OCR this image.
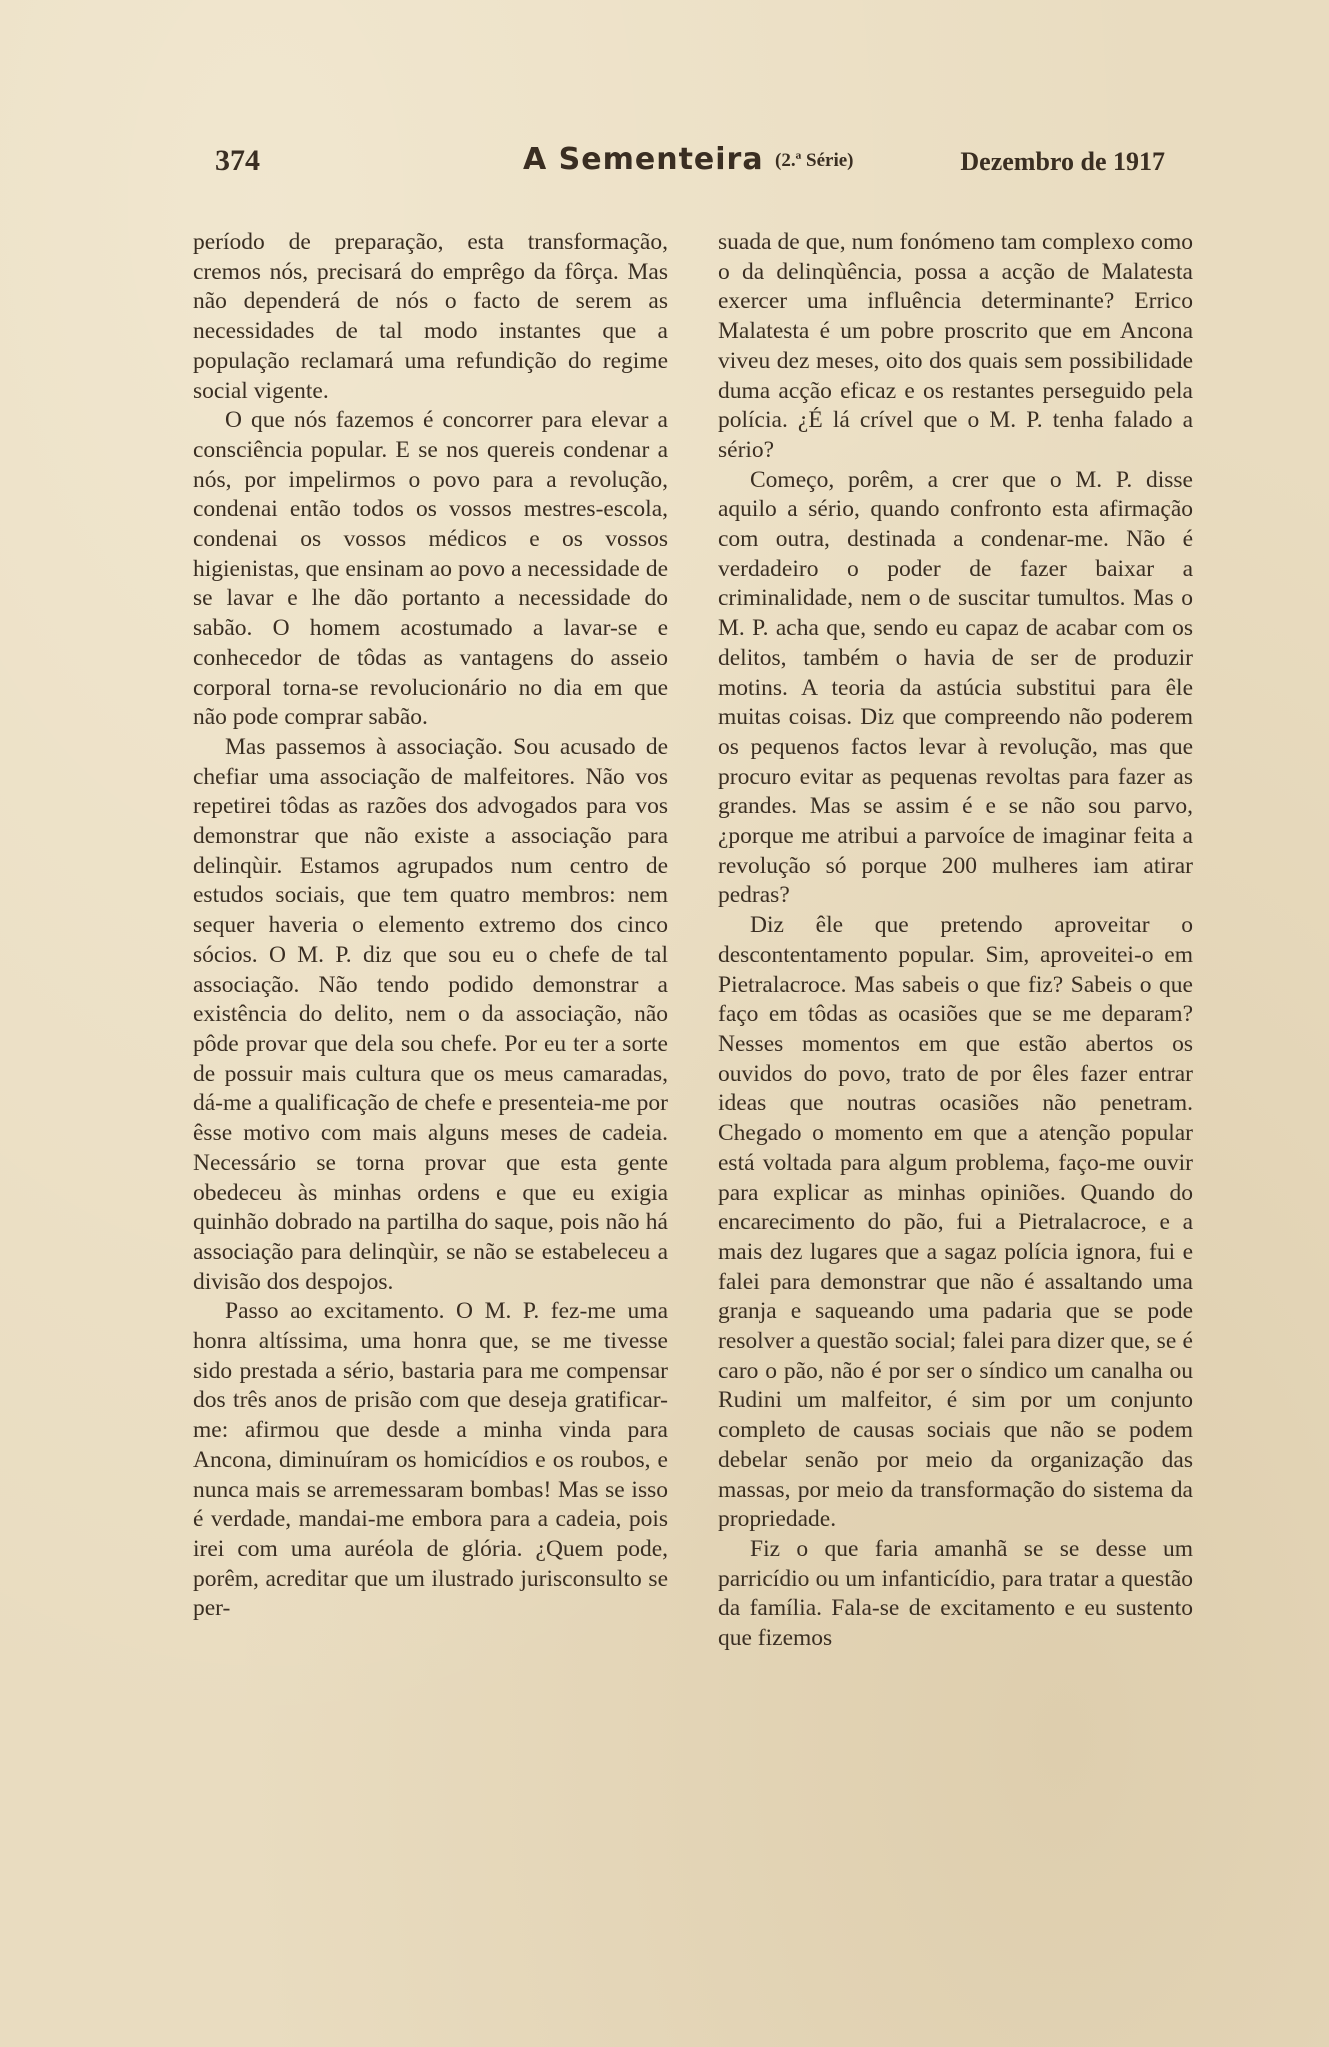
374	A Sementeira (2.ª Série)	Dezembro de 1917

período de preparação, esta transformação, cremos nós, precisará do emprêgo da fôrça. Mas não dependerá de nós o facto de serem as necessidades de tal modo instantes que a população reclamará uma refundição do regime social vigente.

O que nós fazemos é concorrer para elevar a consciência popular. E se nos quereis condenar a nós, por impelirmos o povo para a revolução, condenai então todos os vossos mestres-escola, condenai os vossos médicos e os vossos higienistas, que ensinam ao povo a necessidade de se lavar e lhe dão portanto a necessidade do sabão. O homem acostumado a lavar-se e conhecedor de tôdas as vantagens do asseio corporal torna-se revolucionário no dia em que não pode comprar sabão.

Mas passemos à associação. Sou acusado de chefiar uma associação de malfeitores. Não vos repetirei tôdas as razões dos advogados para vos demonstrar que não existe a associação para delinqùir. Estamos agrupados num centro de estudos sociais, que tem quatro membros: nem sequer haveria o elemento extremo dos cinco sócios. O M. P. diz que sou eu o chefe de tal associação. Não tendo podido demonstrar a existência do delito, nem o da associação, não pôde provar que dela sou chefe. Por eu ter a sorte de possuir mais cultura que os meus camaradas, dá-me a qualificação de chefe e presenteia-me por êsse motivo com mais alguns meses de cadeia. Necessário se torna provar que esta gente obedeceu às minhas ordens e que eu exigia quinhão dobrado na partilha do saque, pois não há associação para delinqùir, se não se estabeleceu a divisão dos despojos.

Passo ao excitamento. O M. P. fez-me uma honra altíssima, uma honra que, se me tivesse sido prestada a sério, bastaria para me compensar dos três anos de prisão com que deseja gratificar-me: afirmou que desde a minha vinda para Ancona, diminuíram os homicídios e os roubos, e nunca mais se arremessaram bombas! Mas se isso é verdade, mandai-me embora para a cadeia, pois irei com uma auréola de glória. ¿Quem pode, porêm, acreditar que um ilustrado jurisconsulto se per-

suada de que, num fonómeno tam complexo como o da delinqùência, possa a acção de Malatesta exercer uma influência determinante? Errico Malatesta é um pobre proscrito que em Ancona viveu dez meses, oito dos quais sem possibilidade duma acção eficaz e os restantes perseguido pela polícia. ¿É lá crível que o M. P. tenha falado a sério?

Começo, porêm, a crer que o M. P. disse aquilo a sério, quando confronto esta afirmação com outra, destinada a condenar-me. Não é verdadeiro o poder de fazer baixar a criminalidade, nem o de suscitar tumultos. Mas o M. P. acha que, sendo eu capaz de acabar com os delitos, também o havia de ser de produzir motins. A teoria da astúcia substitui para êle muitas coisas. Diz que compreendo não poderem os pequenos factos levar à revolução, mas que procuro evitar as pequenas revoltas para fazer as grandes. Mas se assim é e se não sou parvo, ¿porque me atribui a parvoíce de imaginar feita a revolução só porque 200 mulheres iam atirar pedras?

Diz êle que pretendo aproveitar o descontentamento popular. Sim, aproveitei-o em Pietralacroce. Mas sabeis o que fiz? Sabeis o que faço em tôdas as ocasiões que se me deparam? Nesses momentos em que estão abertos os ouvidos do povo, trato de por êles fazer entrar ideas que noutras ocasiões não penetram. Chegado o momento em que a atenção popular está voltada para algum problema, faço-me ouvir para explicar as minhas opiniões. Quando do encarecimento do pão, fui a Pietralacroce, e a mais dez lugares que a sagaz polícia ignora, fui e falei para demonstrar que não é assaltando uma granja e saqueando uma padaria que se pode resolver a questão social; falei para dizer que, se é caro o pão, não é por ser o síndico um canalha ou Rudini um malfeitor, é sim por um conjunto completo de causas sociais que não se podem debelar senão por meio da organização das massas, por meio da transformação do sistema da propriedade.

Fiz o que faria amanhã se se desse um parricídio ou um infanticídio, para tratar a questão da família. Fala-se de excitamento e eu sustento que fizemos
